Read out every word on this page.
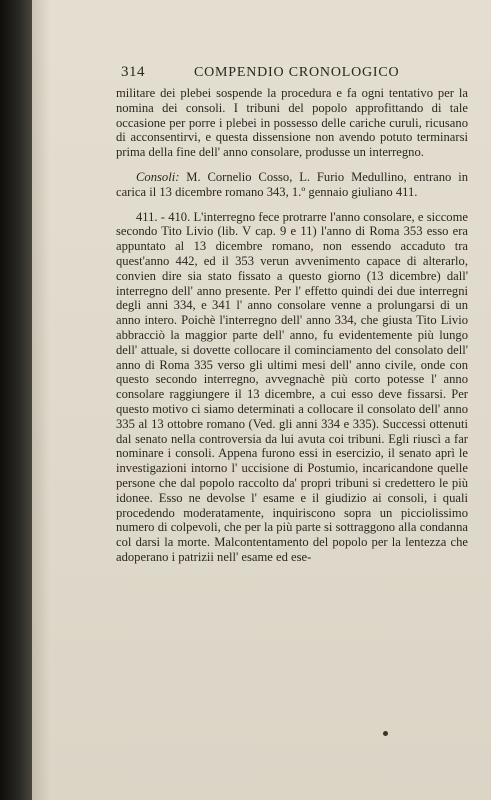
314	COMPENDIO CRONOLOGICO

militare dei plebei sospende la procedura e fa ogni tentativo per la nomina dei consoli. I tribuni del popolo approfittando di tale occasione per porre i plebei in possesso delle cariche curuli, ricusano di acconsentirvi, e questa dissensione non avendo potuto terminarsi prima della fine dell' anno consolare, produsse un interregno.

Consoli: M. Cornelio Cosso, L. Furio Medullino, entrano in carica il 13 dicembre romano 343, 1.º gennaio giuliano 411.

411. - 410. L'interregno fece protrarre l'anno consolare, e siccome secondo Tito Livio (lib. V cap. 9 e 11) l'anno di Roma 353 esso era appuntato al 13 dicembre romano, non essendo accaduto tra quest'anno 442, ed il 353 verun avvenimento capace di alterarlo, convien dire sia stato fissato a questo giorno (13 dicembre) dall' interregno dell' anno presente. Per l' effetto quindi dei due interregni degli anni 334, e 341 l' anno consolare venne a prolungarsi di un anno intero. Poichè l'interregno dell' anno 334, che giusta Tito Livio abbracciò la maggior parte dell' anno, fu evidentemente più lungo dell' attuale, si dovette collocare il cominciamento del consolato dell' anno di Roma 335 verso gli ultimi mesi dell' anno civile, onde con questo secondo interregno, avvegnachè più corto potesse l' anno consolare raggiungere il 13 dicembre, a cui esso deve fissarsi. Per questo motivo ci siamo determinati a collocare il consolato dell' anno 335 al 13 ottobre romano (Ved. gli anni 334 e 335). Successi ottenuti dal senato nella controversia da lui avuta coi tribuni. Egli riuscì a far nominare i consoli. Appena furono essi in esercizio, il senato aprì le investigazioni intorno l' uccisione di Postumio, incaricandone quelle persone che dal popolo raccolto da' propri tribuni si credettero le più idonee. Esso ne devolse l' esame e il giudizio ai consoli, i quali procedendo moderatamente, inquiriscono sopra un picciolissimo numero di colpevoli, che per la più parte si sottraggono alla condanna col darsi la morte. Malcontentamento del popolo per la lentezza che adoperano i patrizii nell' esame ed ese-
